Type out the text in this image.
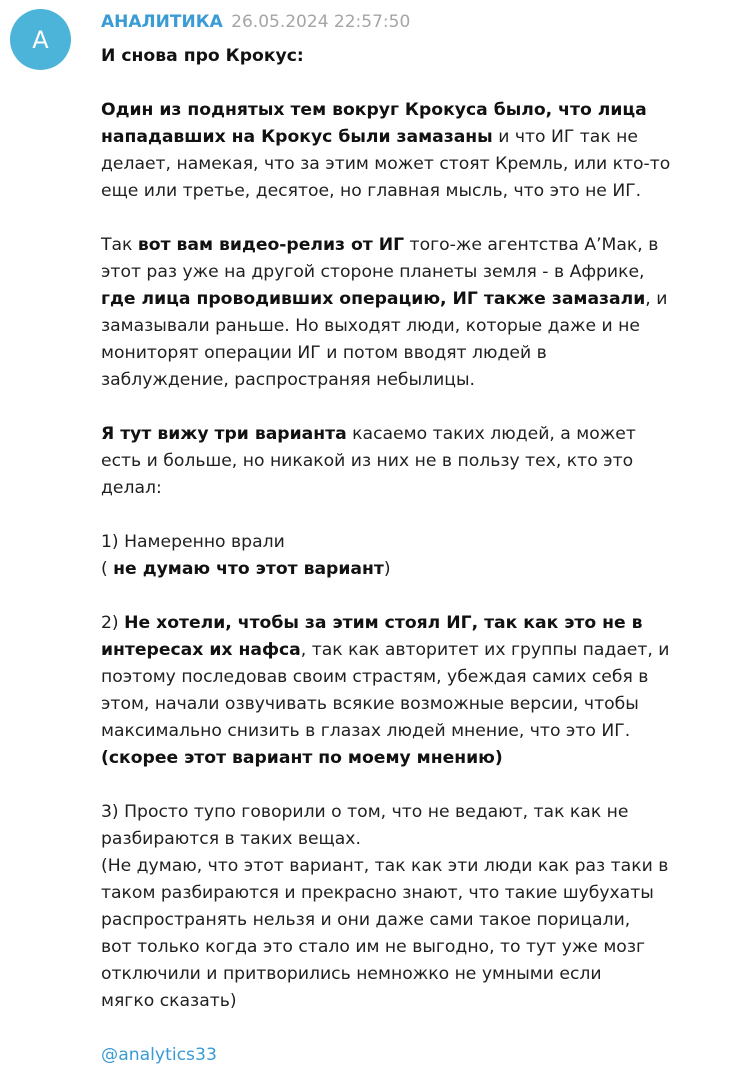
A
АНАЛИТИКА 26.05.2024 22:57:50
И снова про Крокус:
Один из поднятых тем вокруг Крокуса было, что лица
нападавших на Крокус были замазаны и что ИГ так не
делает, намекая, что за этим может стоят Кремль, или кто-то
еще или третье, десятое, но главная мысль, что это не ИГ.
Так вот вам видео-релиз от ИГ того-же агентства А’Мак, в
этот раз уже на другой стороне планеты земля - в Африке,
где лица проводивших операцию, ИГ также замазали, и
замазывали раньше. Но выходят люди, которые даже и не
мониторят операции ИГ и потом вводят людей в
заблуждение, распространяя небылицы.
Я тут вижу три варианта касаемо таких людей, а может
есть и больше, но никакой из них не в пользу тех, кто это
делал:
1) Намеренно врали
( не думаю что этот вариант)
2) Не хотели, чтобы за этим стоял ИГ, так как это не в
интересах их нафса, так как авторитет их группы падает, и
поэтому последовав своим страстям, убеждая самих себя в
этом, начали озвучивать всякие возможные версии, чтобы
максимально снизить в глазах людей мнение, что это ИГ.
(скорее этот вариант по моему мнению)
3) Просто тупо говорили о том, что не ведают, так как не
разбираются в таких вещах.
(Не думаю, что этот вариант, так как эти люди как раз таки в
таком разбираются и прекрасно знают, что такие шубухаты
распространять нельзя и они даже сами такое порицали,
вот только когда это стало им не выгодно, то тут уже мозг
отключили и притворились немножко не умными если
мягко сказать)
@analytics33
